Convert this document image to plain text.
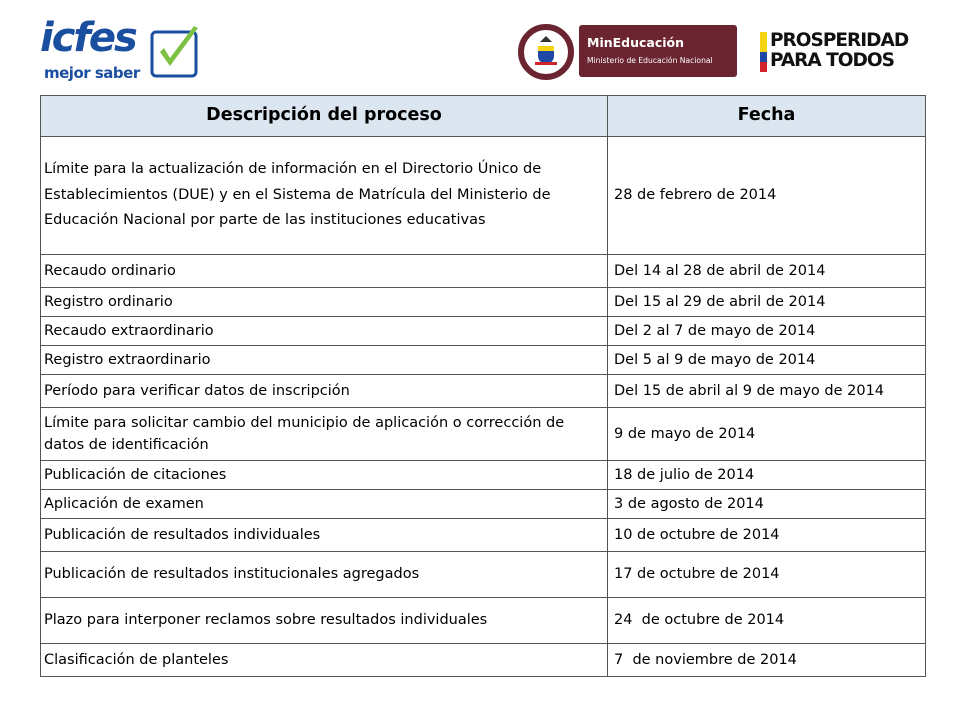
icfes
mejor saber
MinEducación
Ministerio de Educación Nacional
PROSPERIDAD
PARA TODOS
Descripción del proceso	Fecha
Límite para la actualización de información en el Directorio Único de Establecimientos (DUE) y en el Sistema de Matrícula del Ministerio de Educación Nacional por parte de las instituciones educativas	28 de febrero de 2014
Recaudo ordinario	Del 14 al 28 de abril de 2014
Registro ordinario	Del 15 al 29 de abril de 2014
Recaudo extraordinario	Del 2 al 7 de mayo de 2014
Registro extraordinario	Del 5 al 9 de mayo de 2014
Período para verificar datos de inscripción	Del 15 de abril al 9 de mayo de 2014
Límite para solicitar cambio del municipio de aplicación o corrección de datos de identificación	9 de mayo de 2014
Publicación de citaciones	18 de julio de 2014
Aplicación de examen	3 de agosto de 2014
Publicación de resultados individuales	10 de octubre de 2014
Publicación de resultados institucionales agregados	17 de octubre de 2014
Plazo para interponer reclamos sobre resultados individuales	24  de octubre de 2014
Clasificación de planteles	7  de noviembre de 2014
